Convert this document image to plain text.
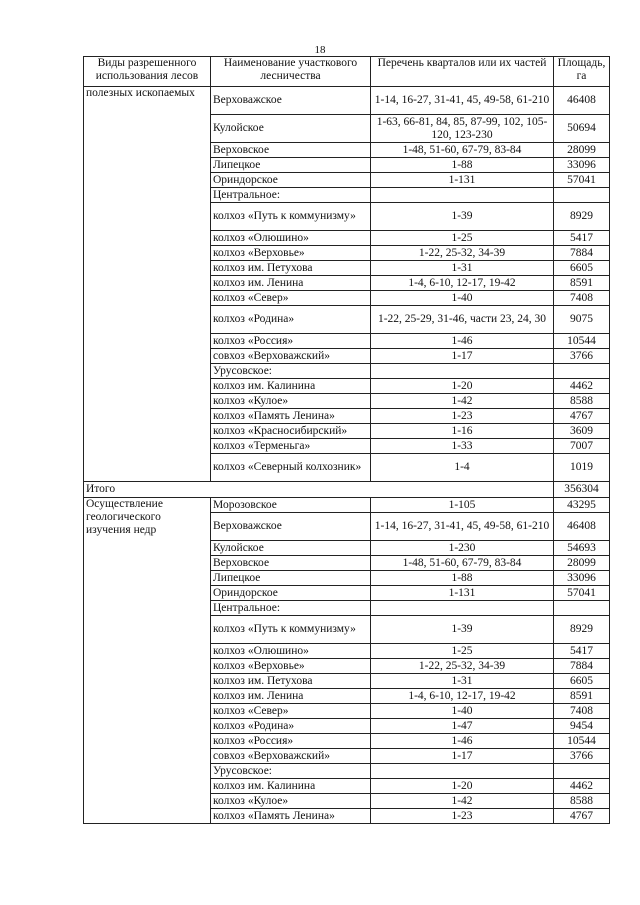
18
Виды разрешенного использования лесов	Наименование участкового лесничества	Перечень кварталов или их частей	Площадь, га
полезных ископаемых	Верховажское	1-14, 16-27, 31-41, 45, 49-58, 61-210	46408
	Кулойское	1-63, 66-81, 84, 85, 87-99, 102, 105-120, 123-230	50694
	Верховское	1-48, 51-60, 67-79, 83-84	28099
	Липецкое	1-88	33096
	Ориндорское	1-131	57041
	Центральное:		
	колхоз «Путь к коммунизму»	1-39	8929
	колхоз «Олюшино»	1-25	5417
	колхоз «Верховье»	1-22, 25-32, 34-39	7884
	колхоз им. Петухова	1-31	6605
	колхоз им. Ленина	1-4, 6-10, 12-17, 19-42	8591
	колхоз «Север»	1-40	7408
	колхоз «Родина»	1-22, 25-29, 31-46, части 23, 24, 30	9075
	колхоз «Россия»	1-46	10544
	совхоз «Верховажский»	1-17	3766
	Урусовское:		
	колхоз им. Калинина	1-20	4462
	колхоз «Кулое»	1-42	8588
	колхоз «Память Ленина»	1-23	4767
	колхоз «Красносибирский»	1-16	3609
	колхоз «Терменьга»	1-33	7007
	колхоз «Северный колхозник»	1-4	1019
Итого			356304
Осуществление геологического изучения недр	Морозовское	1-105	43295
	Верховажское	1-14, 16-27, 31-41, 45, 49-58, 61-210	46408
	Кулойское	1-230	54693
	Верховское	1-48, 51-60, 67-79, 83-84	28099
	Липецкое	1-88	33096
	Ориндорское	1-131	57041
	Центральное:		
	колхоз «Путь к коммунизму»	1-39	8929
	колхоз «Олюшино»	1-25	5417
	колхоз «Верховье»	1-22, 25-32, 34-39	7884
	колхоз им. Петухова	1-31	6605
	колхоз им. Ленина	1-4, 6-10, 12-17, 19-42	8591
	колхоз «Север»	1-40	7408
	колхоз «Родина»	1-47	9454
	колхоз «Россия»	1-46	10544
	совхоз «Верховажский»	1-17	3766
	Урусовское:		
	колхоз им. Калинина	1-20	4462
	колхоз «Кулое»	1-42	8588
	колхоз «Память Ленина»	1-23	4767
